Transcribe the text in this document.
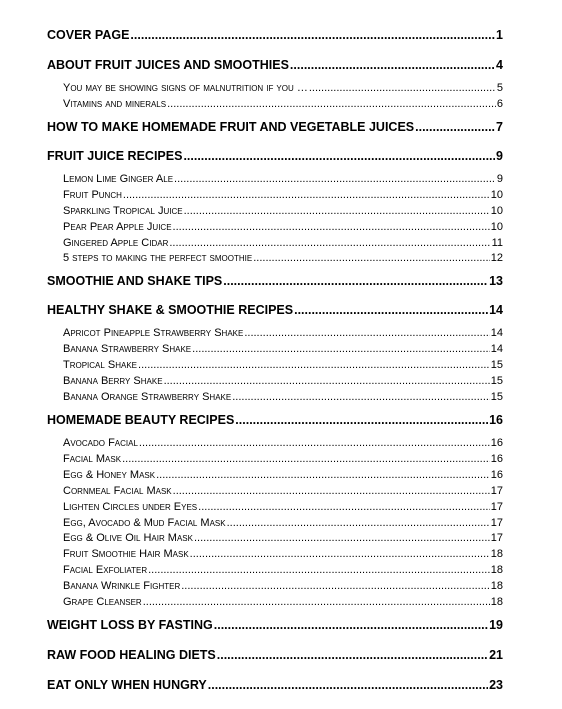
COVER PAGE .....	1
ABOUT FRUIT JUICES AND SMOOTHIES .....	4
You may be showing signs of malnutrition if you … .....	5
Vitamins and minerals .....	6
HOW TO MAKE HOMEMADE FRUIT AND VEGETABLE JUICES .....	7
FRUIT JUICE RECIPES .....	9
Lemon Lime Ginger Ale .....	9
Fruit Punch .....	10
Sparkling Tropical Juice .....	10
Pear Pear Apple Juice .....	10
Gingered Apple Cidar .....	11
5 steps to making the perfect smoothie .....	12
SMOOTHIE AND SHAKE TIPS .....	13
HEALTHY SHAKE & SMOOTHIE RECIPES .....	14
Apricot Pineapple Strawberry Shake .....	14
Banana Strawberry Shake .....	14
Tropical Shake .....	15
Banana Berry Shake .....	15
Banana Orange Strawberry Shake .....	15
HOMEMADE BEAUTY RECIPES .....	16
Avocado Facial .....	16
Facial Mask .....	16
Egg & Honey Mask .....	16
Cornmeal Facial Mask .....	17
Lighten Circles under Eyes .....	17
Egg, Avocado & Mud Facial Mask .....	17
Egg & Olive Oil Hair Mask .....	17
Fruit Smoothie Hair Mask .....	18
Facial Exfoliater .....	18
Banana Wrinkle Fighter .....	18
Grape Cleanser .....	18
WEIGHT LOSS BY FASTING .....	19
RAW FOOD HEALING DIETS .....	21
EAT ONLY WHEN HUNGRY .....	23
